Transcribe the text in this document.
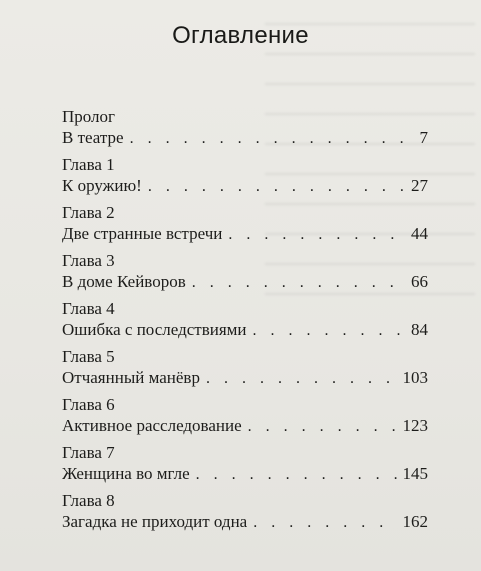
Оглавление
Пролог
В театре . . .	7
Глава 1
К оружию! . . .	27
Глава 2
Две странные встречи . . .	44
Глава 3
В доме Кейворов . . .	66
Глава 4
Ошибка с последствиями . . .	84
Глава 5
Отчаянный манёвр . . .	103
Глава 6
Активное расследование . . .	123
Глава 7
Женщина во мгле . . .	145
Глава 8
Загадка не приходит одна . . .	162
